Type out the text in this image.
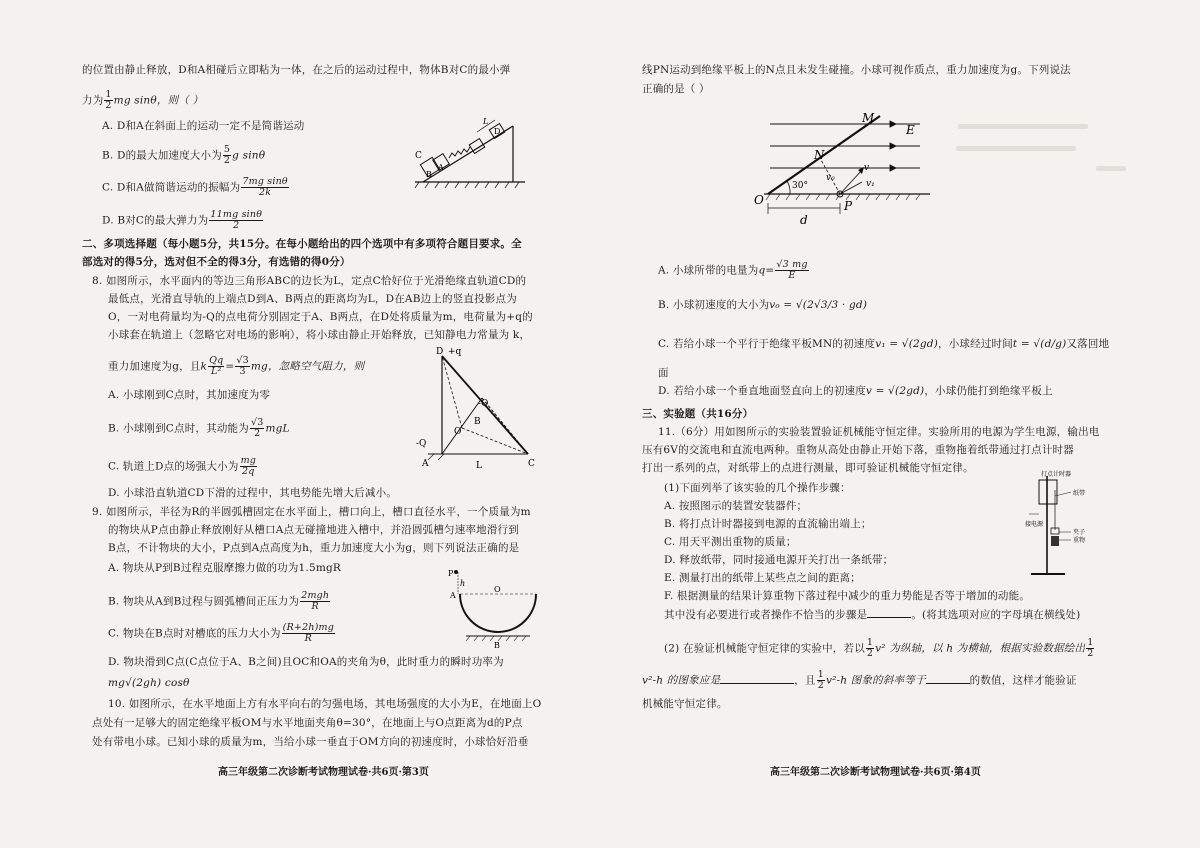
的位置由静止释放，D和A相碰后立即粘为一体，在之后的运动过程中，物体B对C的最小弹
力为 $\frac{1}{2}$ mg sinθ，则（ ）
A. D和A在斜面上的运动一定不是简谐运动
B. D的最大加速度大小为 $\frac{5}{2}$ g sinθ
C. D和A做简谐运动的振幅为 $\frac{\text{7mg sinθ}}{2k}$
D. B对C的最大弹力为 $\frac{\text{11mg sinθ}}{2}$
C
B
A
D
L
二、多项选择题（每小题5分，共15分。在每小题给出的四个选项中有多项符合题目要求。全
部选对的得5分，选对但不全的得3分，有选错的得0分）
8. 如图所示，水平面内的等边三角形ABC的边长为L，定点C恰好位于光滑绝缘直轨道CD的
最低点，光滑直导轨的上端点D到A、B两点的距离均为L，D在AB边上的竖直投影点为
O，一对电荷量均为-Q的点电荷分别固定于A、B两点，在D处将质量为m，电荷量为+q的
小球套在轨道上（忽略它对电场的影响），将小球由静止开始释放，已知静电力常量为 k，
重力加速度为g，且k $\frac{Qq}{\text{L²}} = \frac{√3}{3}$ mg，忽略空气阻力，则
A. 小球刚到C点时，其加速度为零
B. 小球刚到C点时，其动能为 $\frac{√3}{2}$ mgL
C. 轨道上D点的场强大小为 $\frac{mg}{2q}$
D. 小球沿直轨道CD下滑的过程中，其电势能先增大后减小。
D +q
-Q
-Q
B
O
A	C
L
9. 如图所示，半径为R的半圆弧槽固定在水平面上，槽口向上，槽口直径水平，一个质量为m
的物块从P点由静止释放刚好从槽口A点无碰撞地进入槽中，并沿圆弧槽匀速率地滑行到
B点，不计物块的大小，P点到A点高度为h，重力加速度大小为g，则下列说法正确的是
A. 物块从P到B过程克服摩擦力做的功为1.5mgR
B. 物块从A到B过程与圆弧槽间正压力为 $\frac{\text{2mgh}}{R}$
C. 物块在B点时对槽底的压力大小为 $\frac{(R+2h)mg}{R}$
D. 物块滑到C点(C点位于A、B之间)且OC和OA的夹角为θ，此时重力的瞬时功率为
mg√(2gh) cosθ
P
h
A
O
B
10. 如图所示，在水平地面上方有水平向右的匀强电场，其电场强度的大小为E，在地面上O
点处有一足够大的固定绝缘平板OM与水平地面夹角θ=30°，在地面上与O点距离为d的P点
处有带电小球。已知小球的质量为m，当给小球一垂直于OM方向的初速度时，小球恰好沿垂
高三年级第二次诊断考试物理试卷·共6页·第3页
线PN运动到绝缘平板上的N点且未发生碰撞。小球可视作质点，重力加速度为g。下列说法
正确的是（ ）
M
E
N
30°
v₀
v
v₁
O	P
d
A. 小球所带的电量为$q= \frac{√3 mg}{E}$
B. 小球初速度的大小为v₀ = √(2√3/3 · gd)
C. 若给小球一个平行于绝缘平板MN的初速度v₁ = √(2gd)，小球经过时间t = √(d/g)又落回地
面
D. 若给小球一个垂直地面竖直向上的初速度v = √(2gd)，小球仍能打到绝缘平板上
三、实验题（共16分）
11.（6分）用如图所示的实验装置验证机械能守恒定律。实验所用的电源为学生电源，输出电
压有6V的交流电和直流电两种。重物从高处由静止开始下落，重物拖着纸带通过打点计时器
打出一系列的点，对纸带上的点进行测量，即可验证机械能守恒定律。
(1)下面列举了该实验的几个操作步骤：
A. 按照图示的装置安装器件；
B. 将打点计时器接到电源的直流输出端上；
C. 用天平测出重物的质量；
D. 释放纸带，同时接通电源开关打出一条纸带；
E. 测量打出的纸带上某些点之间的距离；
F. 根据测量的结果计算重物下落过程中减少的重力势能是否等于增加的动能。
其中没有必要进行或者操作不恰当的步骤是	。(将其选项对应的字母填在横线处)
(2) 在验证机械能守恒定律的实验中，若以 $\frac{1}{2} v^2$ 为纵轴，以 h 为横轴，根据实验数据绘出 $\frac{1}{2}$
v²-h 的图象应是	，且 $\frac{1}{2} v^2-h$ 图象的斜率等于	的数值，这样才能验证
机械能守恒定律。
打点计时器
纸带
夹子
重物
接电源
高三年级第二次诊断考试物理试卷·共6页·第4页
